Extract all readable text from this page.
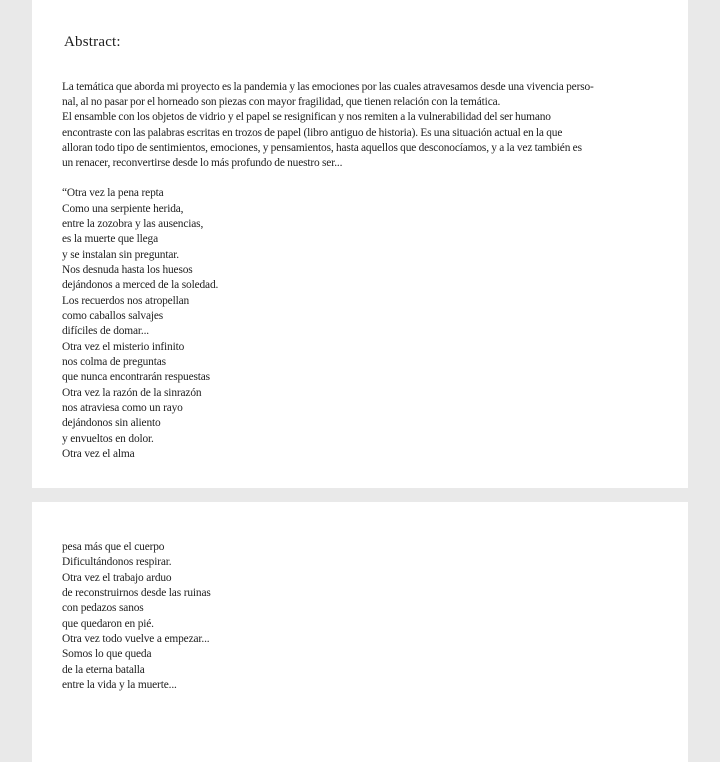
Abstract:
La temática que aborda mi proyecto es la pandemia y las emociones por las cuales atravesamos desde una vivencia perso-
nal, al no pasar por el horneado son piezas con mayor fragilidad, que tienen relación con la temática.
El ensamble con los objetos de vidrio y el papel se resignifican y nos remiten a la vulnerabilidad del ser humano
encontraste con las palabras escritas en trozos de papel (libro antiguo de historia). Es una situación actual en la que
alloran todo tipo de sentimientos, emociones, y pensamientos, hasta aquellos que desconocíamos, y a la vez también es
un renacer, reconvertirse desde lo más profundo de nuestro ser...
“Otra vez la pena repta
Como una serpiente herida,
entre la zozobra y las ausencias,
es la muerte que llega
y se instalan sin preguntar.
Nos desnuda hasta los huesos
dejándonos a merced de la soledad.
Los recuerdos nos atropellan
como caballos salvajes
difíciles de domar...
Otra vez el misterio infinito
nos colma de preguntas
que nunca encontrarán respuestas
Otra vez la razón de la sinrazón
nos atraviesa como un rayo
dejándonos sin aliento
y envueltos en dolor.
Otra vez el alma
pesa más que el cuerpo
Dificultándonos respirar.
Otra vez el trabajo arduo
de reconstruirnos desde las ruinas
con pedazos sanos
que quedaron en pié.
Otra vez todo vuelve a empezar...
Somos lo que queda
de la eterna batalla
entre la vida y la muerte...
